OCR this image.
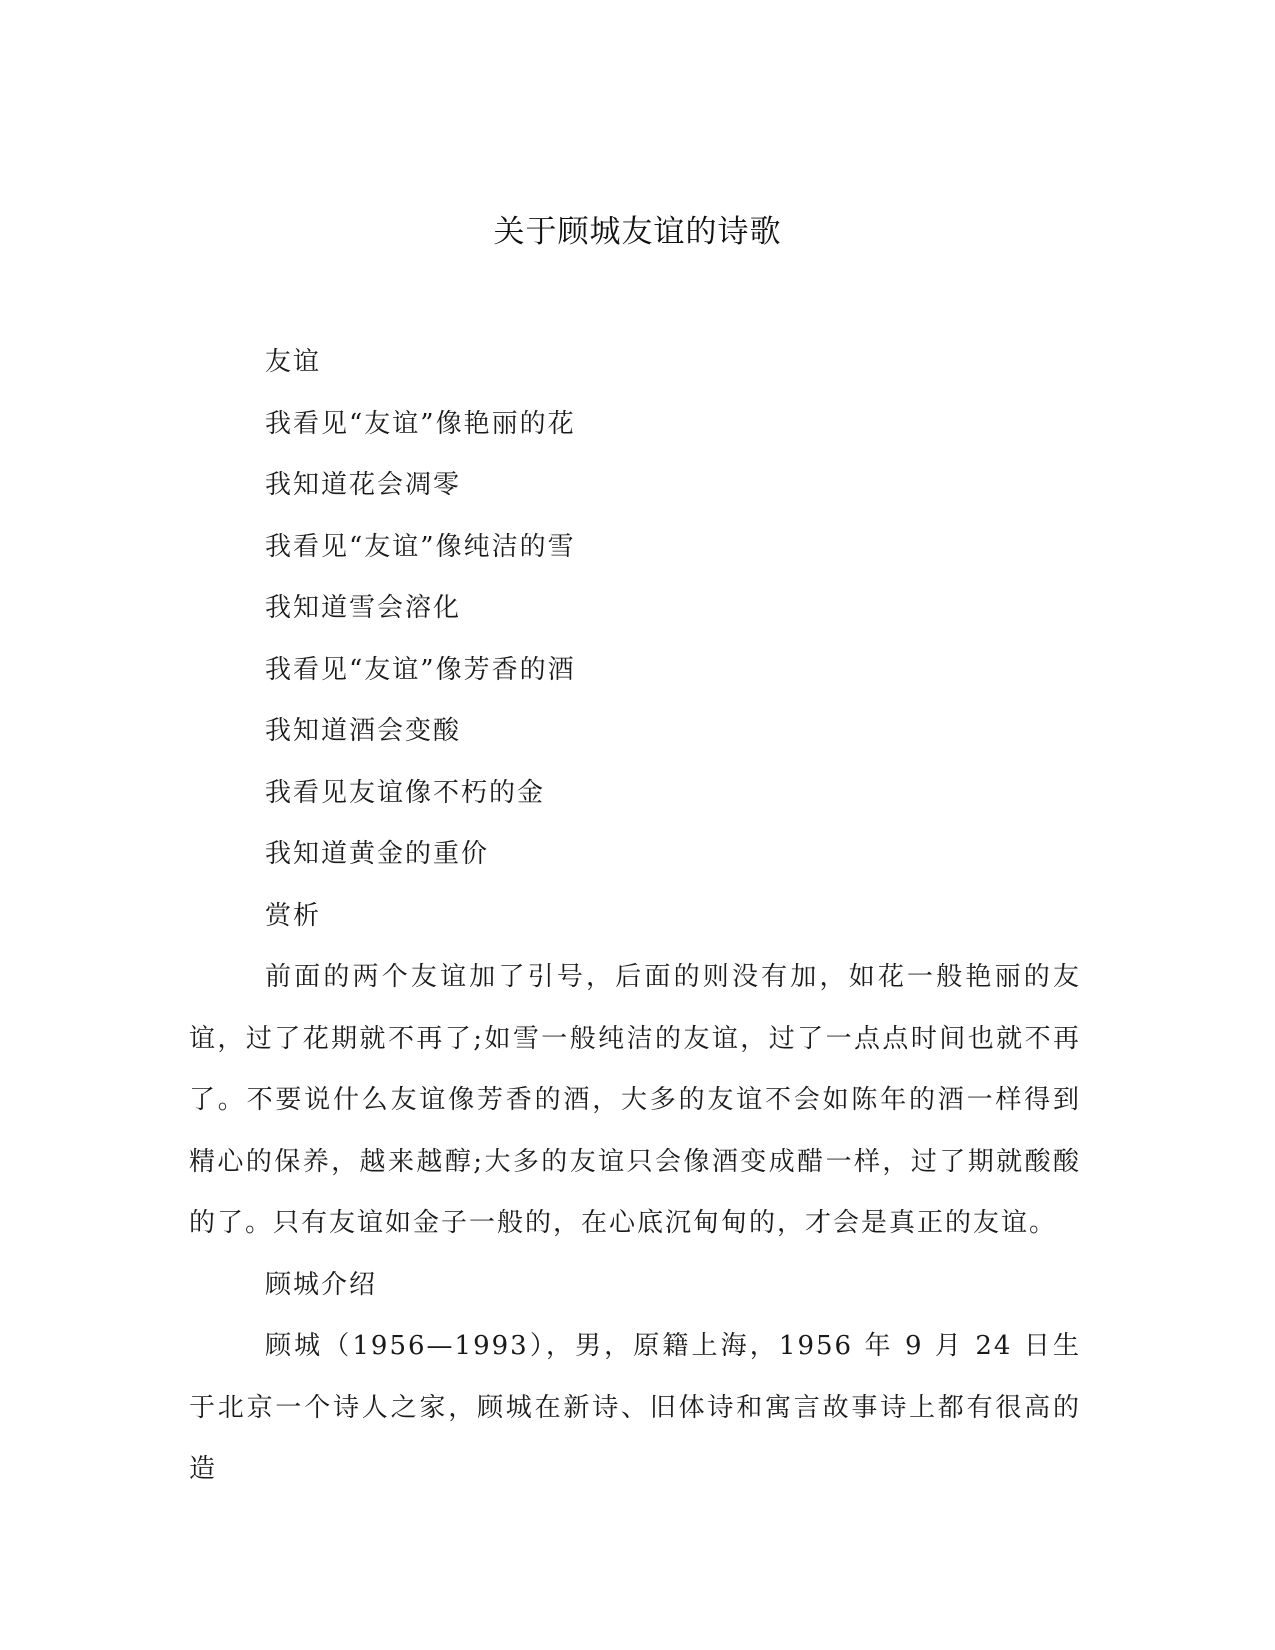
关于顾城友谊的诗歌

友谊

我看见“友谊”像艳丽的花

我知道花会凋零

我看见“友谊”像纯洁的雪

我知道雪会溶化

我看见“友谊”像芳香的酒

我知道酒会变酸

我看见友谊像不朽的金

我知道黄金的重价

赏析

前面的两个友谊加了引号，后面的则没有加，如花一般艳丽的友谊，过了花期就不再了;如雪一般纯洁的友谊，过了一点点时间也就不再了。不要说什么友谊像芳香的酒，大多的友谊不会如陈年的酒一样得到精心的保养，越来越醇;大多的友谊只会像酒变成醋一样，过了期就酸酸的了。只有友谊如金子一般的，在心底沉甸甸的，才会是真正的友谊。

顾城介绍

顾城（1956—1993），男，原籍上海，1956 年 9 月 24 日生于北京一个诗人之家，顾城在新诗、旧体诗和寓言故事诗上都有很高的造
